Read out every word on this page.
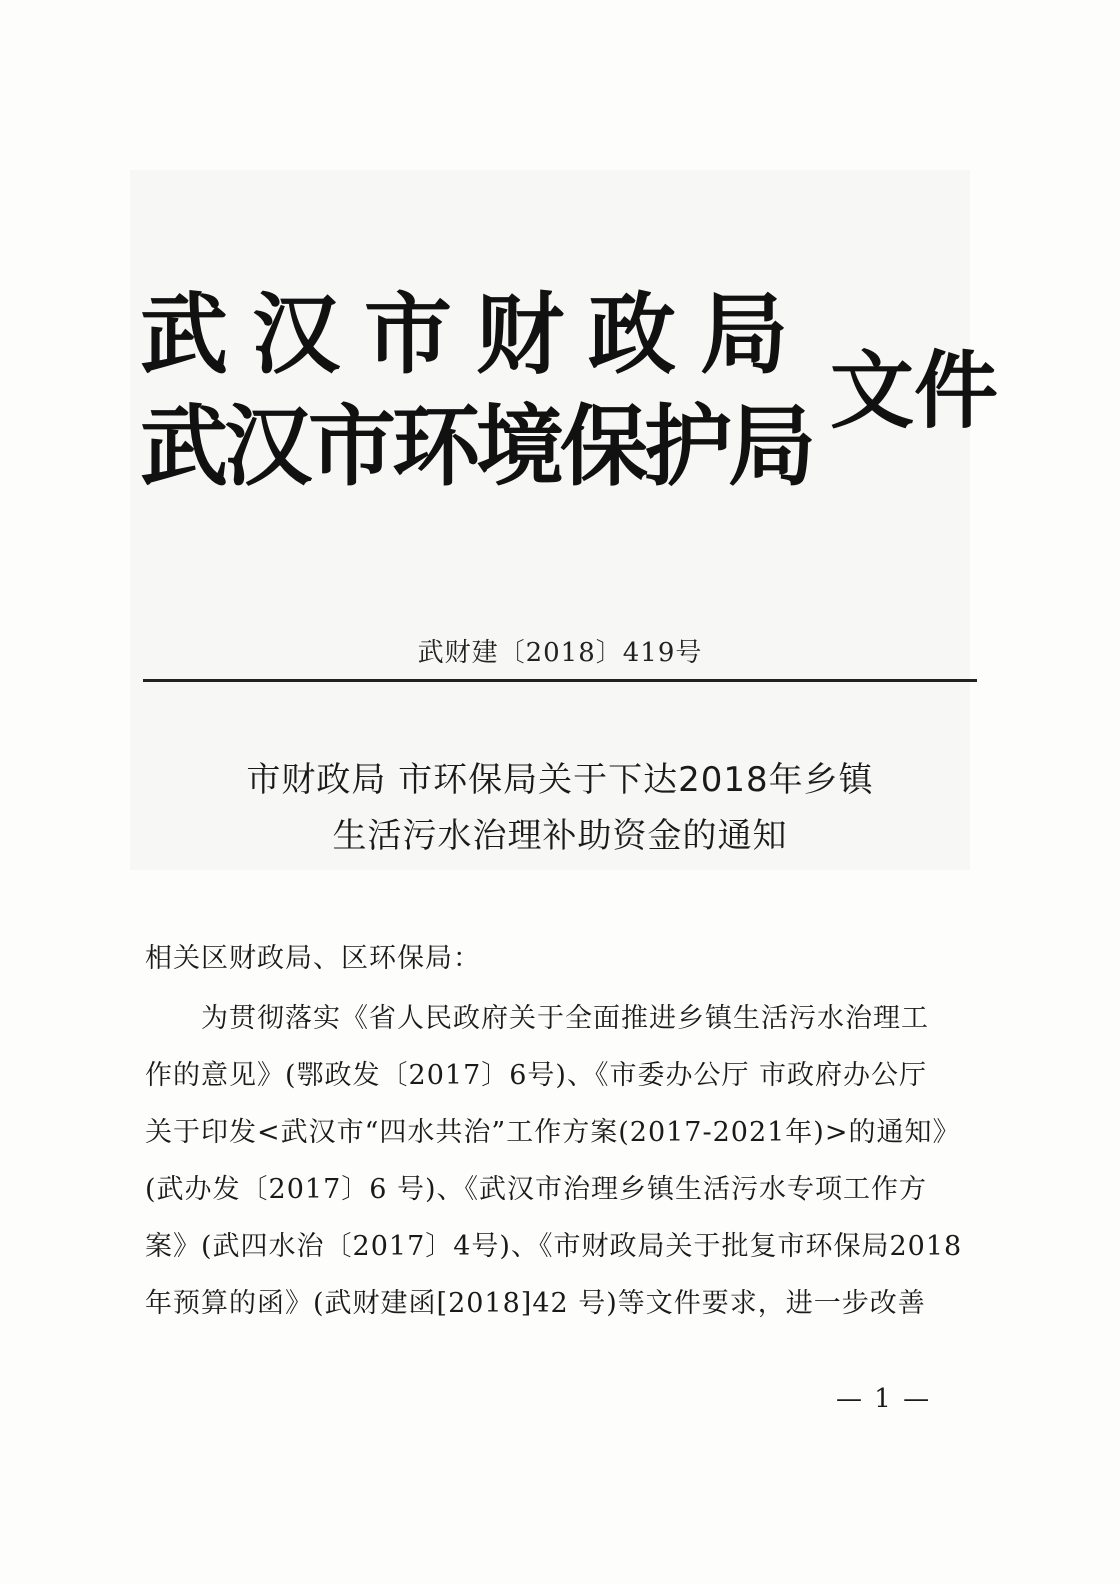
武汉市财政局
武汉市环境保护局
文件
武财建〔2018〕419号
市财政局 市环保局关于下达2018年乡镇
生活污水治理补助资金的通知
相关区财政局、区环保局：
为贯彻落实《省人民政府关于全面推进乡镇生活污水治理工
作的意见》(鄂政发〔2017〕6号)、《市委办公厅 市政府办公厅
关于印发<武汉市“四水共治”工作方案(2017-2021年)>的通知》
(武办发〔2017〕6 号)、《武汉市治理乡镇生活污水专项工作方
案》(武四水治〔2017〕4号)、《市财政局关于批复市环保局2018
年预算的函》(武财建函[2018]42 号)等文件要求，进一步改善
— 1 —
